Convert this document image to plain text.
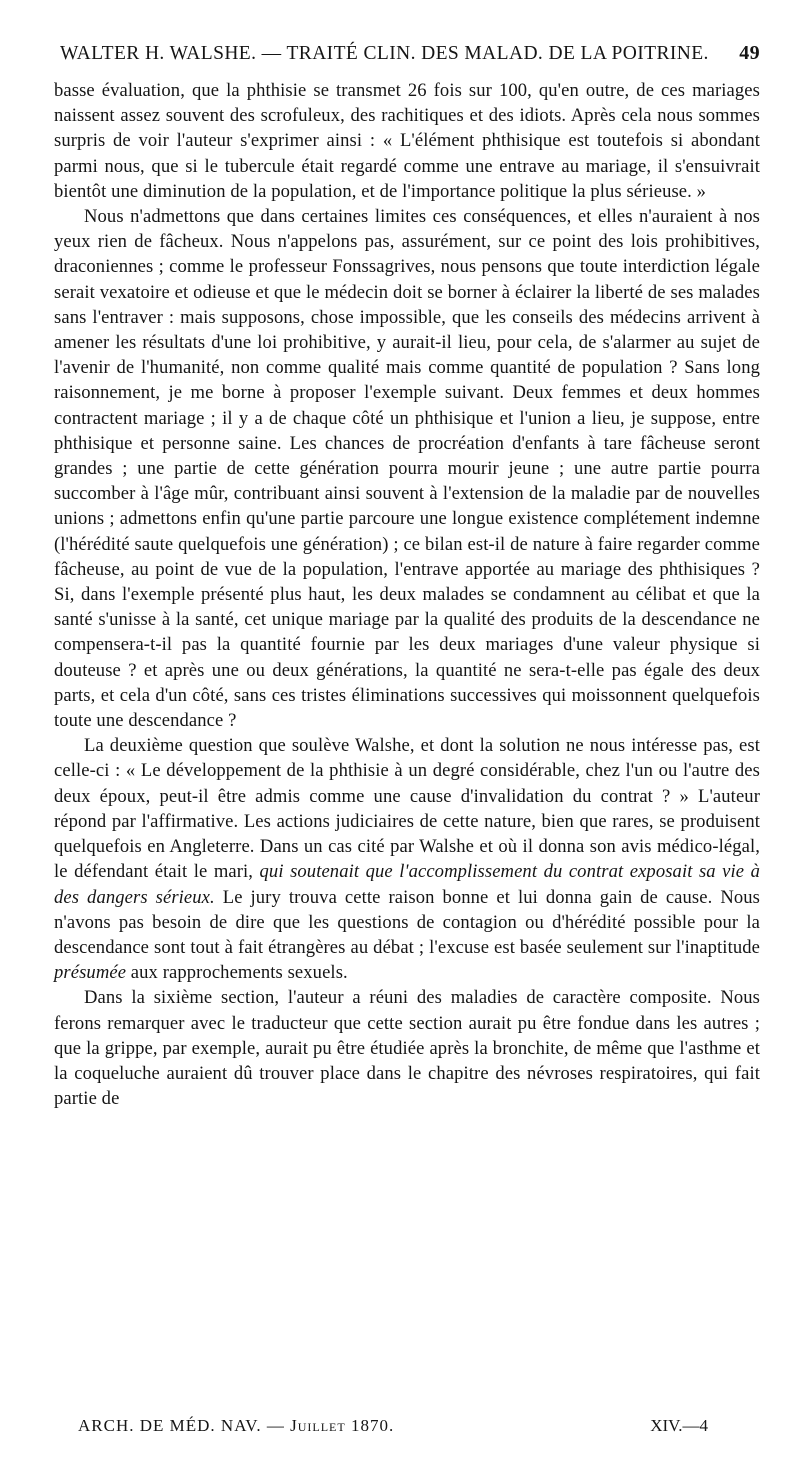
WALTER H. WALSHE. — TRAITÉ CLIN. DES MALAD. DE LA POITRINE. 49

basse évaluation, que la phthisie se transmet 26 fois sur 100, qu'en outre, de ces mariages naissent assez souvent des scrofuleux, des rachitiques et des idiots. Après cela nous sommes surpris de voir l'auteur s'exprimer ainsi : « L'élément phthisique est toutefois si abondant parmi nous, que si le tubercule était regardé comme une entrave au mariage, il s'ensuivrait bientôt une diminution de la population, et de l'importance politique la plus sérieuse. »

Nous n'admettons que dans certaines limites ces conséquences, et elles n'auraient à nos yeux rien de fâcheux. Nous n'appelons pas, assurément, sur ce point des lois prohibitives, draconiennes ; comme le professeur Fonssagrives, nous pensons que toute interdiction légale serait vexatoire et odieuse et que le médecin doit se borner à éclairer la liberté de ses malades sans l'entraver : mais supposons, chose impossible, que les conseils des médecins arrivent à amener les résultats d'une loi prohibitive, y aurait-il lieu, pour cela, de s'alarmer au sujet de l'avenir de l'humanité, non comme qualité mais comme quantité de population ? Sans long raisonnement, je me borne à proposer l'exemple suivant. Deux femmes et deux hommes contractent mariage ; il y a de chaque côté un phthisique et l'union a lieu, je suppose, entre phthisique et personne saine. Les chances de procréation d'enfants à tare fâcheuse seront grandes ; une partie de cette génération pourra mourir jeune ; une autre partie pourra succomber à l'âge mûr, contribuant ainsi souvent à l'extension de la maladie par de nouvelles unions ; admettons enfin qu'une partie parcoure une longue existence complétement indemne (l'hérédité saute quelquefois une génération) ; ce bilan est-il de nature à faire regarder comme fâcheuse, au point de vue de la population, l'entrave apportée au mariage des phthisiques ? Si, dans l'exemple présenté plus haut, les deux malades se condamnent au célibat et que la santé s'unisse à la santé, cet unique mariage par la qualité des produits de la descendance ne compensera-t-il pas la quantité fournie par les deux mariages d'une valeur physique si douteuse ? et après une ou deux générations, la quantité ne sera-t-elle pas égale des deux parts, et cela d'un côté, sans ces tristes éliminations successives qui moissonnent quelquefois toute une descendance ?

La deuxième question que soulève Walshe, et dont la solution ne nous intéresse pas, est celle-ci : « Le développement de la phthisie à un degré considérable, chez l'un ou l'autre des deux époux, peut-il être admis comme une cause d'invalidation du contrat ? » L'auteur répond par l'affirmative. Les actions judiciaires de cette nature, bien que rares, se produisent quelquefois en Angleterre. Dans un cas cité par Walshe et où il donna son avis médico-légal, le défendant était le mari, qui soutenait que l'accomplissement du contrat exposait sa vie à des dangers sérieux. Le jury trouva cette raison bonne et lui donna gain de cause. Nous n'avons pas besoin de dire que les questions de contagion ou d'hérédité possible pour la descendance sont tout à fait étrangères au débat ; l'excuse est basée seulement sur l'inaptitude présumée aux rapprochements sexuels.

Dans la sixième section, l'auteur a réuni des maladies de caractère composite. Nous ferons remarquer avec le traducteur que cette section aurait pu être fondue dans les autres ; que la grippe, par exemple, aurait pu être étudiée après la bronchite, de même que l'asthme et la coqueluche auraient dû trouver place dans le chapitre des névroses respiratoires, qui fait partie de

ARCH. DE MÉD. NAV. — Juillet 1870.	XIV.—4
